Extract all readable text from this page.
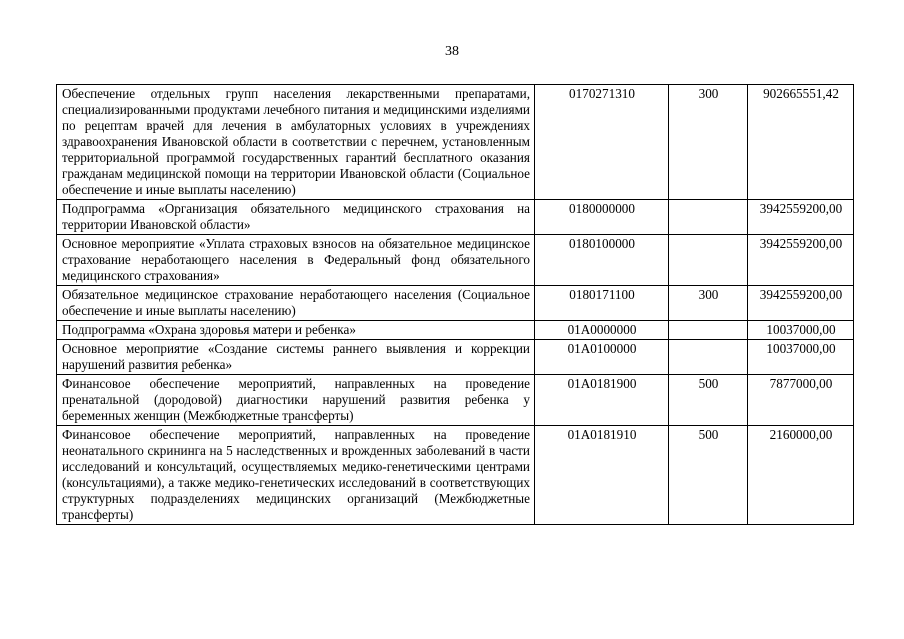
38
Обеспечение отдельных групп населения лекарственными препаратами, специализированными продуктами лечебного питания и медицинскими изделиями по рецептам врачей для лечения в амбулаторных условиях в учреждениях здравоохранения Ивановской области в соответствии с перечнем, установленным территориальной программой государственных гарантий бесплатного оказания гражданам медицинской помощи на территории Ивановской области (Социальное обеспечение и иные выплаты населению)	0170271310	300	902665551,42
Подпрограмма «Организация обязательного медицинского страхования на территории Ивановской области»	0180000000		3942559200,00
Основное мероприятие «Уплата страховых взносов на обязательное медицинское страхование неработающего населения в Федеральный фонд обязательного медицинского страхования»	0180100000		3942559200,00
Обязательное медицинское страхование неработающего населения (Социальное обеспечение и иные выплаты населению)	0180171100	300	3942559200,00
Подпрограмма «Охрана здоровья матери и ребенка»	01А0000000		10037000,00
Основное мероприятие «Создание системы раннего выявления и коррекции нарушений развития ребенка»	01А0100000		10037000,00
Финансовое обеспечение мероприятий, направленных на проведение пренатальной (дородовой) диагностики нарушений развития ребенка у беременных женщин (Межбюджетные трансферты)	01А0181900	500	7877000,00
Финансовое обеспечение мероприятий, направленных на проведение неонатального скрининга на 5 наследственных и врожденных заболеваний в части исследований и консультаций, осуществляемых медико-генетическими центрами (консультациями), а также медико-генетических исследований в соответствующих структурных подразделениях медицинских организаций (Межбюджетные трансферты)	01А0181910	500	2160000,00
